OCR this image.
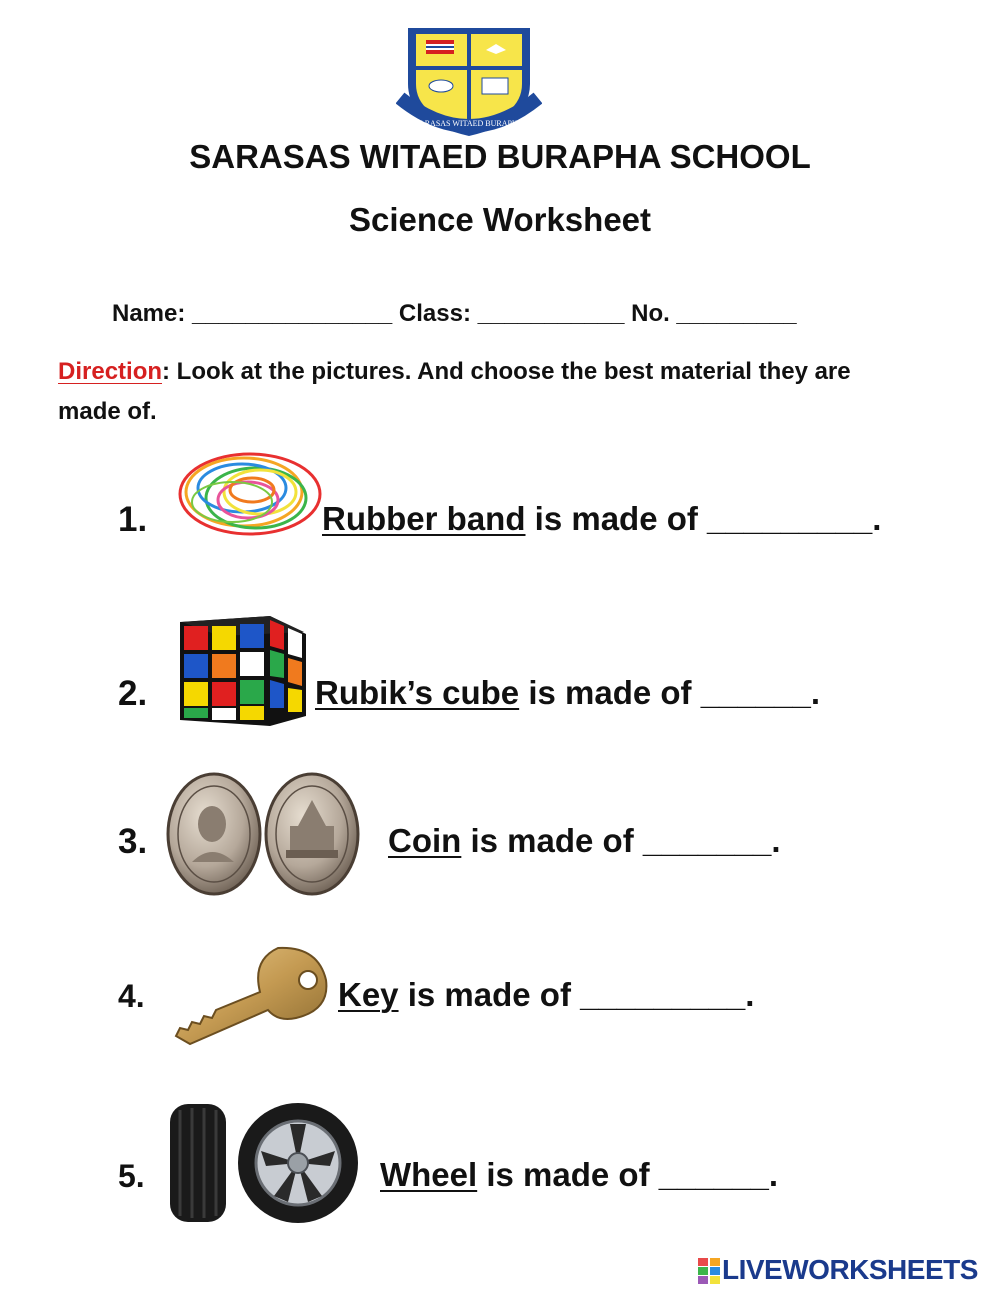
SARASAS WITAED BURAPHA
SARASAS WITAED BURAPHA SCHOOL
Science Worksheet
Name: _______________ Class: ___________ No. _________
Direction: Look at the pictures. And choose the best material they are
made of.
1.	Rubber band is made of _________.
2.	Rubik’s cube is made of ______.
3.	Coin is made of _______.
4.	Key is made of _________.
5.	Wheel is made of ______.
LIVEWORKSHEETS
